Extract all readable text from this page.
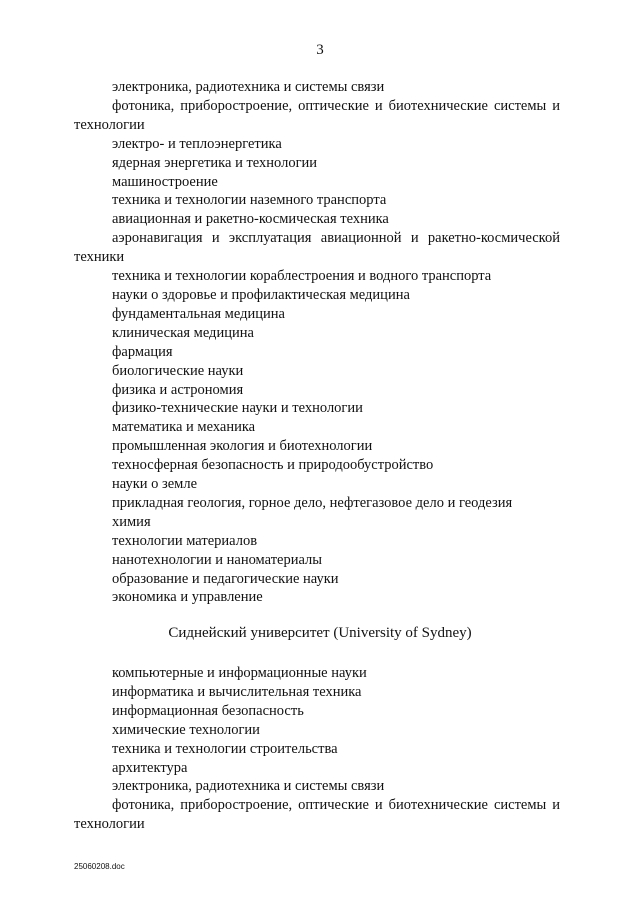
3
электроника, радиотехника и системы связи
фотоника, приборостроение, оптические и биотехнические системы и технологии
электро- и теплоэнергетика
ядерная энергетика и технологии
машиностроение
техника и технологии наземного транспорта
авиационная и ракетно-космическая техника
аэронавигация и эксплуатация авиационной и ракетно-космической техники
техника и технологии кораблестроения и водного транспорта
науки о здоровье и профилактическая медицина
фундаментальная медицина
клиническая медицина
фармация
биологические науки
физика и астрономия
физико-технические науки и технологии
математика и механика
промышленная экология и биотехнологии
техносферная безопасность и природообустройство
науки о земле
прикладная геология, горное дело, нефтегазовое дело и геодезия
химия
технологии материалов
нанотехнологии и наноматериалы
образование и педагогические науки
экономика и управление
Сиднейский университет (University of Sydney)
компьютерные и информационные науки
информатика и вычислительная техника
информационная безопасность
химические технологии
техника и технологии строительства
архитектура
электроника, радиотехника и системы связи
фотоника, приборостроение, оптические и биотехнические системы и технологии
25060208.doc
